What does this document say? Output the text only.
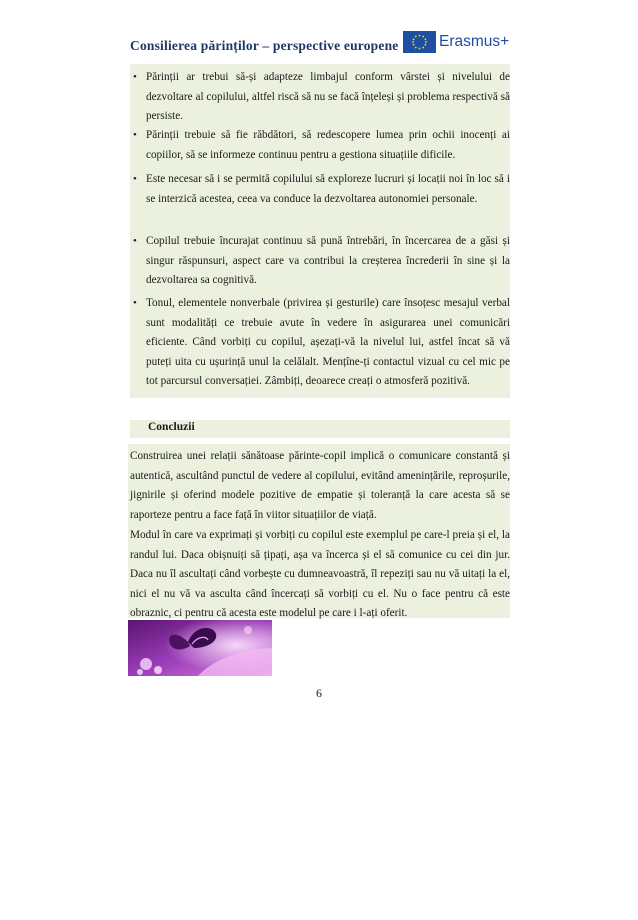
Consilierea părinților – perspective europene	Erasmus+
• Părinții ar trebui să-și adapteze limbajul conform vârstei și nivelului de dezvoltare al copilului, altfel riscă să nu se facă înțeleși și problema respectivă să persiste.
• Părinții trebuie să fie răbdători, să redescopere lumea prin ochii inocenți ai copiilor, să se informeze continuu pentru a gestiona situațiile dificile.
• Este necesar să i se permită copilului să exploreze lucruri și locații noi în loc să i se interzică acestea, ceea va conduce la dezvoltarea autonomiei personale.
• Copilul trebuie încurajat continuu să pună întrebări, în încercarea de a găsi și singur răspunsuri, aspect care va contribui la creșterea încrederii în sine și la dezvoltarea sa cognitivă.
• Tonul, elementele nonverbale (privirea și gesturile) care însoțesc mesajul verbal sunt modalități ce trebuie avute în vedere în asigurarea unei comunicări eficiente. Când vorbiți cu copilul, așezați-vă la nivelul lui, astfel încat să vă puteți uita cu ușurință unul la celălalt. Mențîne-ți contactul vizual cu cel mic pe tot parcursul conversației. Zâmbiți, deoarece creați o atmosferă pozitivă.
Concluzii
Construirea unei relații sănătoase părinte-copil implică o comunicare constantă și autentică, ascultând punctul de vedere al copilului, evitând amenințările, reproșurile, jignirile și oferind modele pozitive de empatie și toleranță la care acesta să se raporteze pentru a face față în viitor situațiilor de viață.
Modul în care va exprimați și vorbiți cu copilul este exemplul pe care-l preia și el, la randul lui. Daca obișnuiți să țipați, așa va încerca și el să comunice cu cei din jur. Daca nu îl ascultați când vorbește cu dumneavoastră, îl repeziți sau nu vă uitați la el, nici el nu vă va asculta când încercați să vorbiți cu el. Nu o face pentru că este obraznic, ci pentru că acesta este modelul pe care i l-ați oferit.
6
